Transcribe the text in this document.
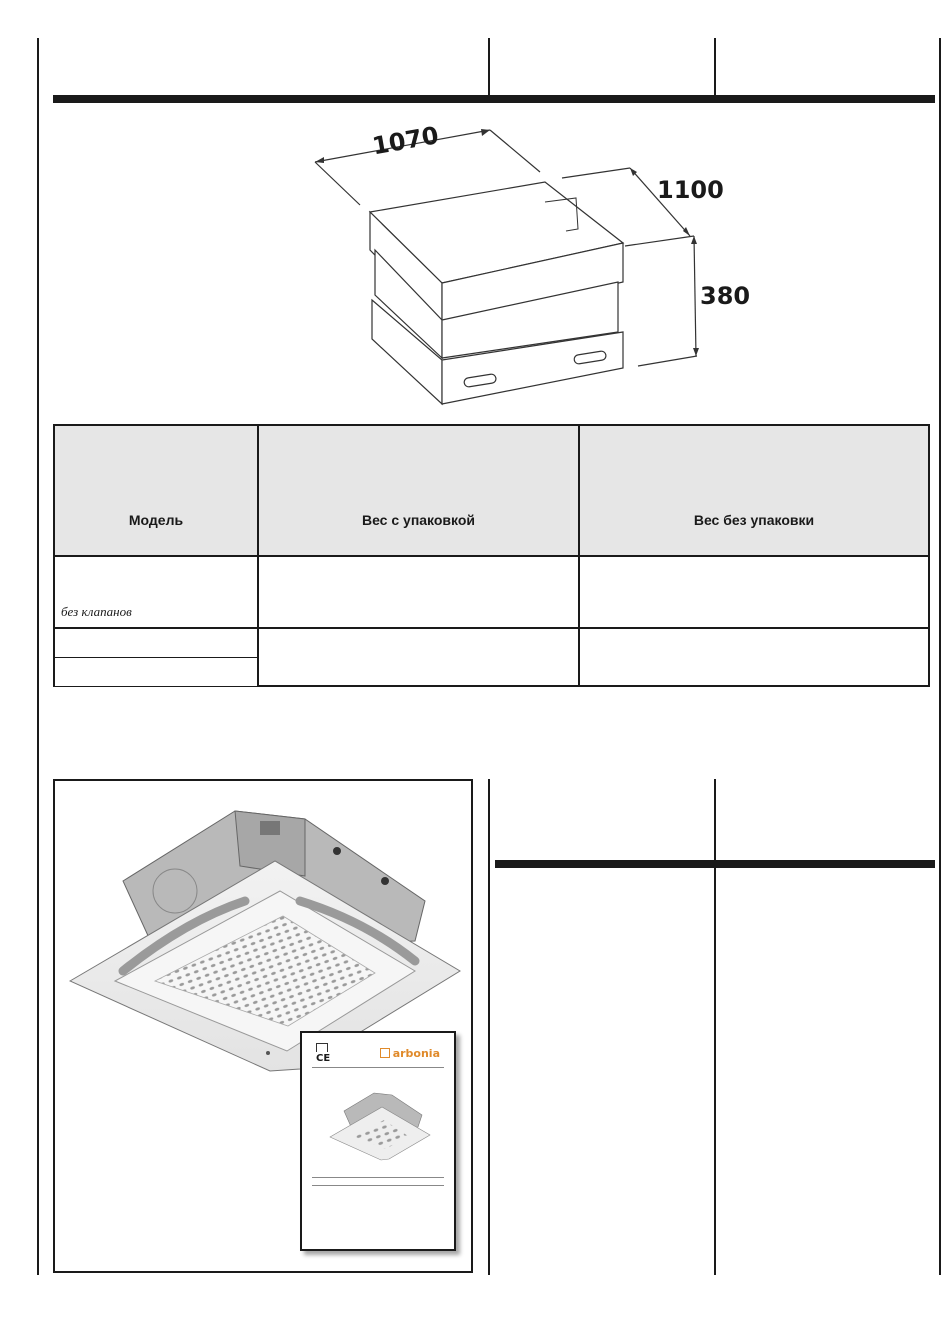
1070
1100
380
Модель	Вес с упаковкой	Вес без упаковки
без клапанов		

CE	arbonia
